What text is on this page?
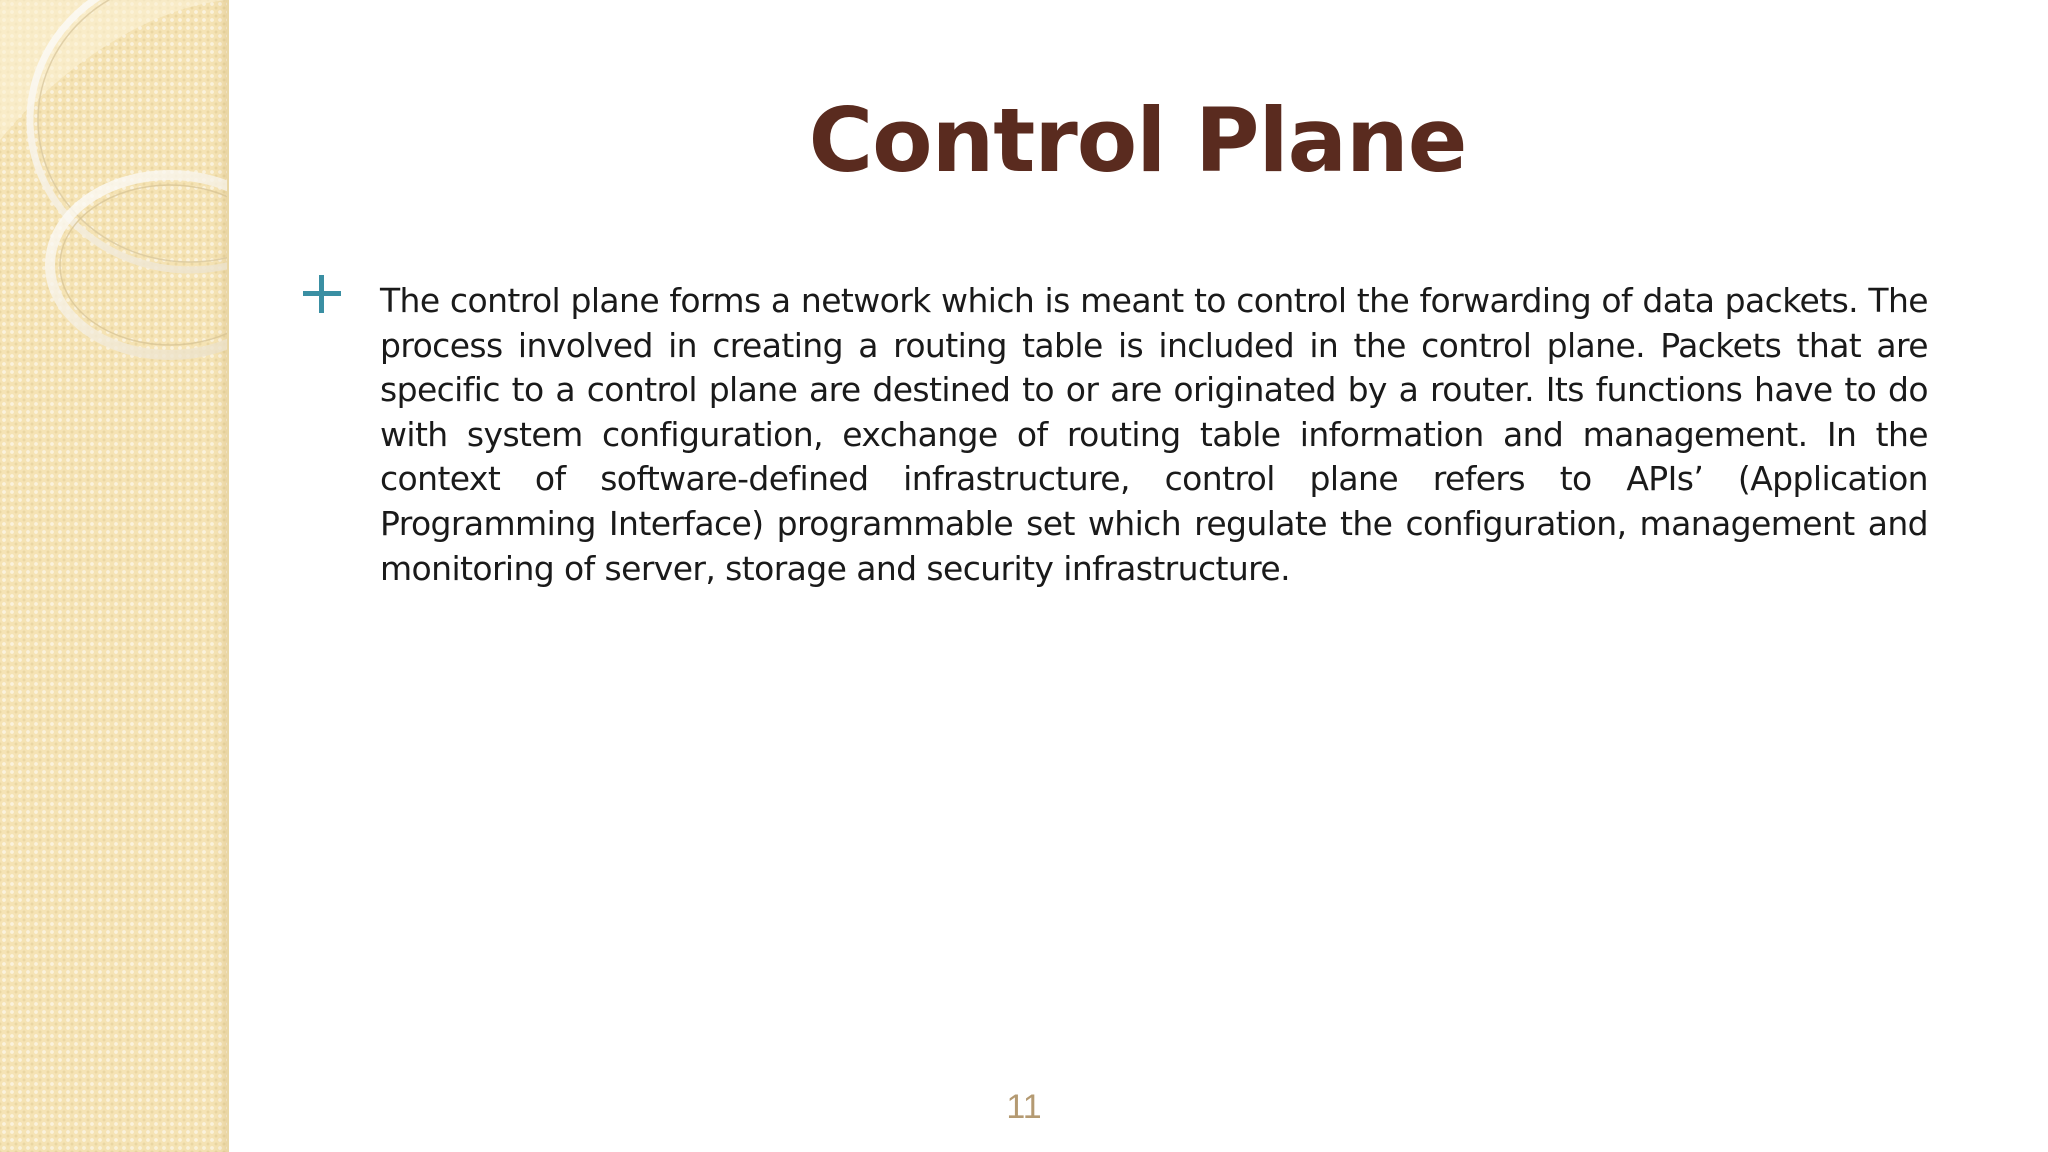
Control Plane

The control plane forms a network which is meant to control the forwarding of data packets. The process involved in creating a routing table is included in the control plane. Packets that are specific to a control plane are destined to or are originated by a router. Its functions have to do with system configuration, exchange of routing table information and management. In the context of software-defined infrastructure, control plane refers to APIs’ (Application Programming Interface) programmable set which regulate the configuration, management and monitoring of server, storage and security infrastructure.

11
